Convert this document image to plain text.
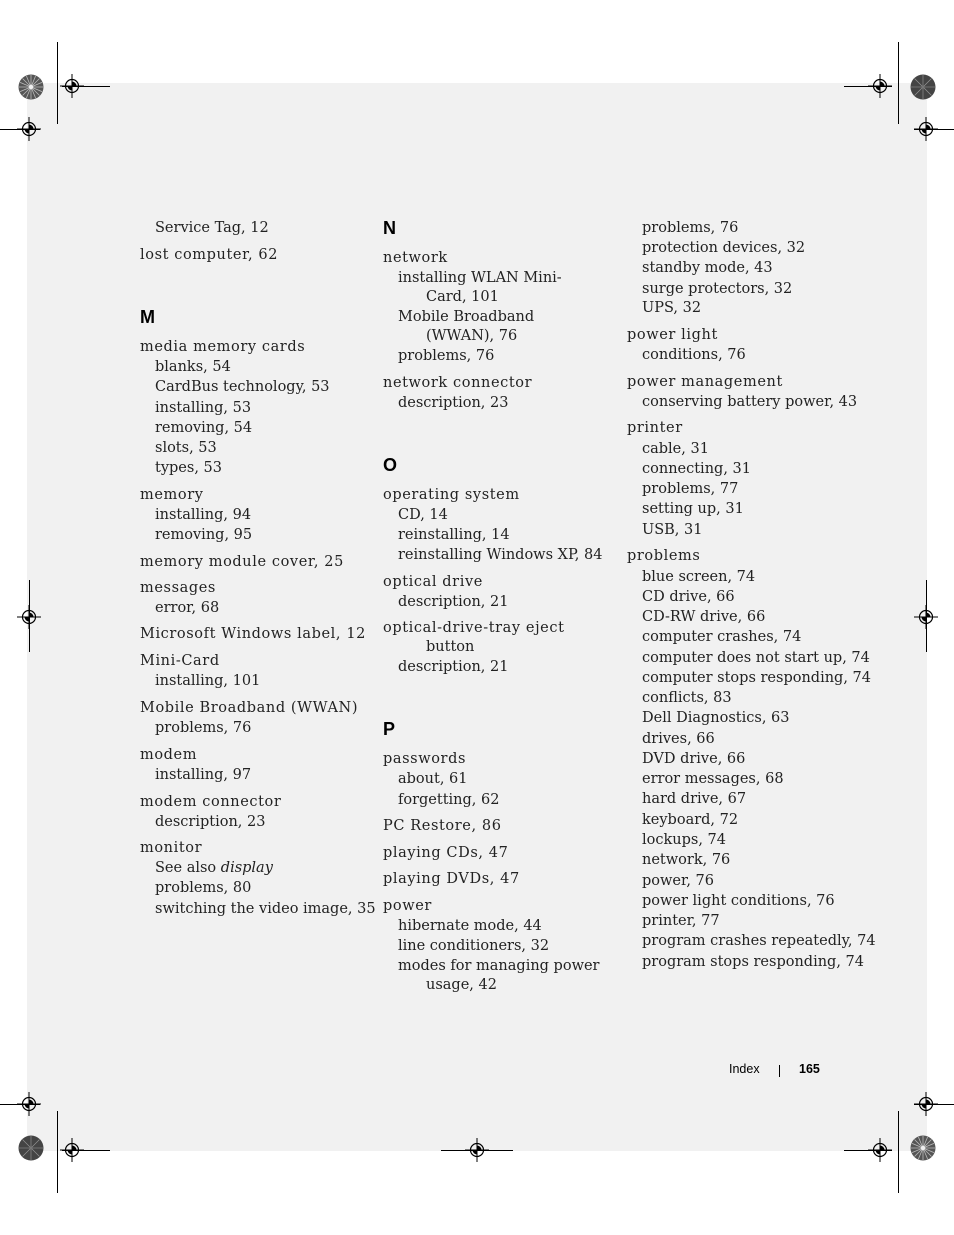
Service Tag, 12
lost computer, 62
M
media memory cards
blanks, 54
CardBus technology, 53
installing, 53
removing, 54
slots, 53
types, 53
memory
installing, 94
removing, 95
memory module cover, 25
messages
error, 68
Microsoft Windows label, 12
Mini-Card
installing, 101
Mobile Broadband (WWAN)
problems, 76
modem
installing, 97
modem connector
description, 23
monitor
See also display
problems, 80
switching the video image, 35
N
network
installing WLAN Mini-
Card, 101
Mobile Broadband
(WWAN), 76
problems, 76
network connector
description, 23
O
operating system
CD, 14
reinstalling, 14
reinstalling Windows XP, 84
optical drive
description, 21
optical-drive-tray eject
button
description, 21
P
passwords
about, 61
forgetting, 62
PC Restore, 86
playing CDs, 47
playing DVDs, 47
power
hibernate mode, 44
line conditioners, 32
modes for managing power
usage, 42
problems, 76
protection devices, 32
standby mode, 43
surge protectors, 32
UPS, 32
power light
conditions, 76
power management
conserving battery power, 43
printer
cable, 31
connecting, 31
problems, 77
setting up, 31
USB, 31
problems
blue screen, 74
CD drive, 66
CD-RW drive, 66
computer crashes, 74
computer does not start up, 74
computer stops responding, 74
conflicts, 83
Dell Diagnostics, 63
drives, 66
DVD drive, 66
error messages, 68
hard drive, 67
keyboard, 72
lockups, 74
network, 76
power, 76
power light conditions, 76
printer, 77
program crashes repeatedly, 74
program stops responding, 74
Index	165
